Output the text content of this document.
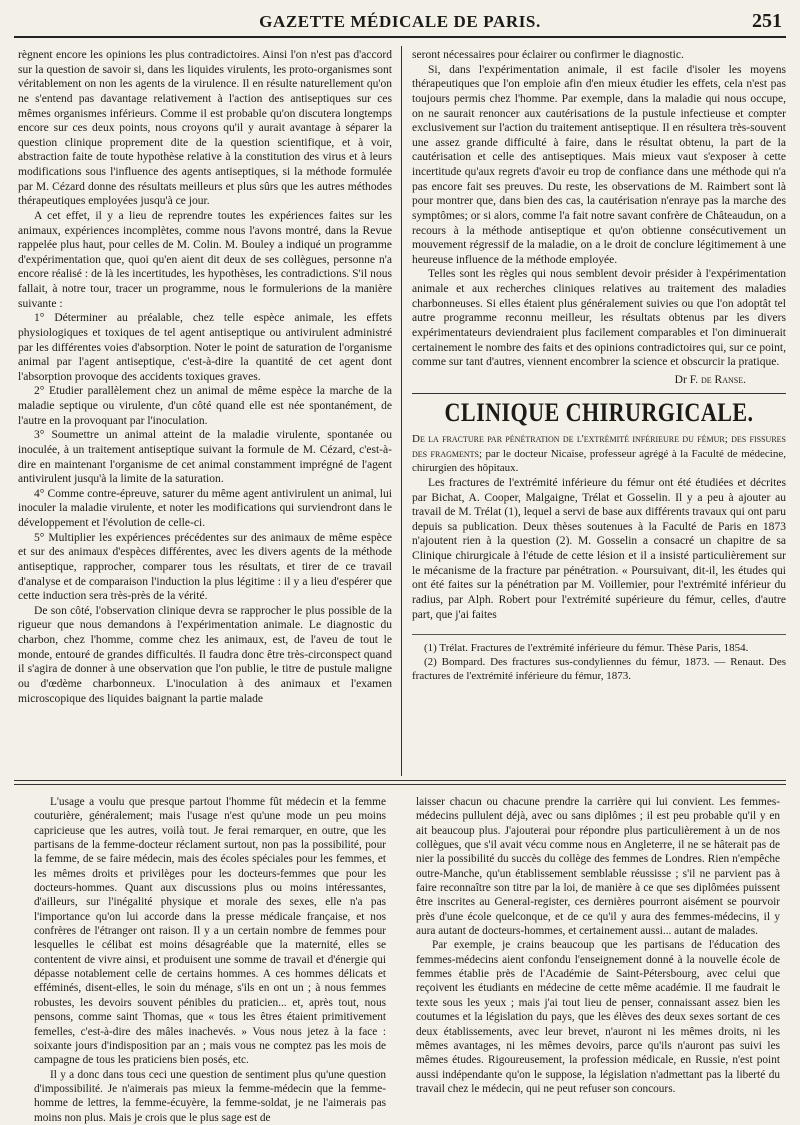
GAZETTE MÉDICALE DE PARIS.	251

règnent encore les opinions les plus contradictoires. Ainsi l'on n'est pas d'accord sur la question de savoir si, dans les liquides virulents, les proto-organismes sont véritablement on non les agents de la virulence. Il en résulte naturellement qu'on ne s'entend pas davantage relativement à l'action des antiseptiques sur ces mêmes organismes inférieurs. Comme il est probable qu'on discutera longtemps encore sur ces deux points, nous croyons qu'il y aurait avantage à séparer la question clinique proprement dite de la question scientifique, et à voir, abstraction faite de toute hypothèse relative à la constitution des virus et à leurs modifications sous l'influence des agents antiseptiques, si la méthode formulée par M. Cézard donne des résultats meilleurs et plus sûrs que les autres méthodes thérapeutiques employées jusqu'à ce jour.

A cet effet, il y a lieu de reprendre toutes les expériences faites sur les animaux, expériences incomplètes, comme nous l'avons montré, dans la Revue rappelée plus haut, pour celles de M. Colin. M. Bouley a indiqué un programme d'expérimentation que, quoi qu'en aient dit deux de ses collègues, personne n'a encore réalisé : de là les incertitudes, les hypothèses, les contradictions. S'il nous fallait, à notre tour, tracer un programme, nous le formulerions de la manière suivante :

1° Déterminer au préalable, chez telle espèce animale, les effets physiologiques et toxiques de tel agent antiseptique ou antivirulent administré par les différentes voies d'absorption. Noter le point de saturation de l'organisme animal par l'agent antiseptique, c'est-à-dire la quantité de cet agent dont l'absorption provoque des accidents toxiques graves.

2° Etudier parallèlement chez un animal de même espèce la marche de la maladie septique ou virulente, d'un côté quand elle est née spontanément, de l'autre en la provoquant par l'inoculation.

3° Soumettre un animal atteint de la maladie virulente, spontanée ou inoculée, à un traitement antiseptique suivant la formule de M. Cézard, c'est-à-dire en maintenant l'organisme de cet animal constamment imprégné de l'agent antivirulent jusqu'à la limite de la saturation.

4° Comme contre-épreuve, saturer du même agent antivirulent un animal, lui inoculer la maladie virulente, et noter les modifications qui surviendront dans le développement et l'évolution de celle-ci.

5° Multiplier les expériences précédentes sur des animaux de même espèce et sur des animaux d'espèces différentes, avec les divers agents de la méthode antiseptique, rapprocher, comparer tous les résultats, et tirer de ce travail d'analyse et de comparaison l'induction la plus légitime : il y a lieu d'espérer que cette induction sera très-près de la vérité.

De son côté, l'observation clinique devra se rapprocher le plus possible de la rigueur que nous demandons à l'expérimentation animale. Le diagnostic du charbon, chez l'homme, comme chez les animaux, est, de l'aveu de tout le monde, entouré de grandes difficultés. Il faudra donc être très-circonspect quand il s'agira de donner à une observation que l'on publie, le titre de pustule maligne ou d'œdème charbonneux. L'inoculation à des animaux et l'examen microscopique des liquides baignant la partie malade

seront nécessaires pour éclairer ou confirmer le diagnostic.

Si, dans l'expérimentation animale, il est facile d'isoler les moyens thérapeutiques que l'on emploie afin d'en mieux étudier les effets, cela n'est pas toujours permis chez l'homme. Par exemple, dans la maladie qui nous occupe, on ne saurait renoncer aux cautérisations de la pustule infectieuse et compter exclusivement sur l'action du traitement antiseptique. Il en résultera très-souvent une assez grande difficulté à faire, dans le résultat obtenu, la part de la cautérisation et celle des antiseptiques. Mais mieux vaut s'exposer à cette incertitude qu'aux regrets d'avoir eu trop de confiance dans une méthode qui n'a pas encore fait ses preuves. Du reste, les observations de M. Raimbert sont là pour montrer que, dans bien des cas, la cautérisation n'enraye pas la marche des symptômes; or si alors, comme l'a fait notre savant confrère de Châteaudun, on a recours à la méthode antiseptique et qu'on obtienne consécutivement un mouvement régressif de la maladie, on a le droit de conclure légitimement à une heureuse influence de la méthode employée.

Telles sont les règles qui nous semblent devoir présider à l'expérimentation animale et aux recherches cliniques relatives au traitement des maladies charbonneuses. Si elles étaient plus généralement suivies ou que l'on adoptât tel autre programme reconnu meilleur, les résultats obtenus par les divers expérimentateurs deviendraient plus facilement comparables et l'on diminuerait certainement le nombre des faits et des opinions contradictoires qui, sur ce point, comme sur tant d'autres, viennent encombrer la science et obscurcir la pratique.

Dr F. de Ranse.
CLINIQUE CHIRURGICALE.

De la fracture par pénétration de l'extrémité inférieure du fémur; des fissures des fragments; par le docteur Nicaise, professeur agrégé à la Faculté de médecine, chirurgien des hôpitaux.

Les fractures de l'extrémité inférieure du fémur ont été étudiées et décrites par Bichat, A. Cooper, Malgaigne, Trélat et Gosselin. Il y a peu à ajouter au travail de M. Trélat (1), lequel a servi de base aux différents travaux qui ont paru depuis sa publication. Deux thèses soutenues à la Faculté de Paris en 1873 n'ajoutent rien à la question (2). M. Gosselin a consacré un chapitre de sa Clinique chirurgicale à l'étude de cette lésion et il a insisté particulièrement sur le mécanisme de la fracture par pénétration. « Poursuivant, dit-il, les études qui ont été faites sur la pénétration par M. Voillemier, pour l'extrémité inférieur du radius, par Alph. Robert pour l'extrémité supérieure du fémur, celles, d'autre part, que j'ai faites

(1) Trélat. Fractures de l'extrémité inférieure du fémur. Thèse Paris, 1854.

(2) Bompard. Des fractures sus-condyliennes du fémur, 1873. — Renaut. Des fractures de l'extrémité inférieure du fémur, 1873.

L'usage a voulu que presque partout l'homme fût médecin et la femme couturière, généralement; mais l'usage n'est qu'une mode un peu moins capricieuse que les autres, voilà tout. Je ferai remarquer, en outre, que les partisans de la femme-docteur réclament surtout, non pas la possibilité, pour la femme, de se faire médecin, mais des écoles spéciales pour les femmes, et les mêmes droits et privilèges pour les docteurs-femmes que pour les docteurs-hommes. Quant aux discussions plus ou moins intéressantes, d'ailleurs, sur l'inégalité physique et morale des sexes, elle n'a pas l'importance qu'on lui accorde dans la presse médicale française, et nos confrères de l'étranger ont raison. Il y a un certain nombre de femmes pour lesquelles le célibat est moins désagréable que la maternité, elles se contentent de vivre ainsi, et produisent une somme de travail et d'énergie qui dépasse notablement celle de certains hommes. A ces hommes délicats et efféminés, disent-elles, le soin du ménage, s'ils en ont un ; à nous femmes robustes, les devoirs souvent pénibles du praticien... et, après tout, nous pensons, comme saint Thomas, que « tous les êtres étaient primitivement femelles, c'est-à-dire des mâles inachevés. » Vous nous jetez à la face : soixante jours d'indisposition par an ; mais vous ne comptez pas les mois de campagne de tous les praticiens bien posés, etc.

Il y a donc dans tous ceci une question de sentiment plus qu'une question d'impossibilité. Je n'aimerais pas mieux la femme-médecin que la femme-homme de lettres, la femme-écuyère, la femme-soldat, je ne l'aimerais pas moins non plus. Mais je crois que le plus sage est de

laisser chacun ou chacune prendre la carrière qui lui convient. Les femmes-médecins pullulent déjà, avec ou sans diplômes ; il est peu probable qu'il y en ait beaucoup plus. J'ajouterai pour répondre plus particulièrement à un de nos collègues, que s'il avait vécu comme nous en Angleterre, il ne se hâterait pas de nier la possibilité du succès du collège des femmes de Londres. Rien n'empêche outre-Manche, qu'un établissement semblable réussisse ; s'il ne parvient pas à faire reconnaître son titre par la loi, de manière à ce que ses diplômées puissent être inscrites au General-register, ces dernières pourront aisément se pourvoir près d'une école quelconque, et de ce qu'il y aura des femmes-médecins, il y aura autant de docteurs-hommes, et certainement aussi... autant de malades.

Par exemple, je crains beaucoup que les partisans de l'éducation des femmes-médecins aient confondu l'enseignement donné à la nouvelle école de femmes établie près de l'Académie de Saint-Pétersbourg, avec celui que reçoivent les étudiants en médecine de cette même académie. Il me faudrait le texte sous les yeux ; mais j'ai tout lieu de penser, connaissant assez bien les coutumes et la législation du pays, que les élèves des deux sexes sortant de ces deux établissements, avec leur brevet, n'auront ni les mêmes droits, ni les mêmes avantages, ni les mêmes devoirs, parce qu'ils n'auront pas suivi les mêmes études. Rigoureusement, la profession médicale, en Russie, n'est point aussi indépendante qu'on le suppose, la législation n'admettant pas la liberté du travail chez le médecin, qui ne peut refuser son concours.
